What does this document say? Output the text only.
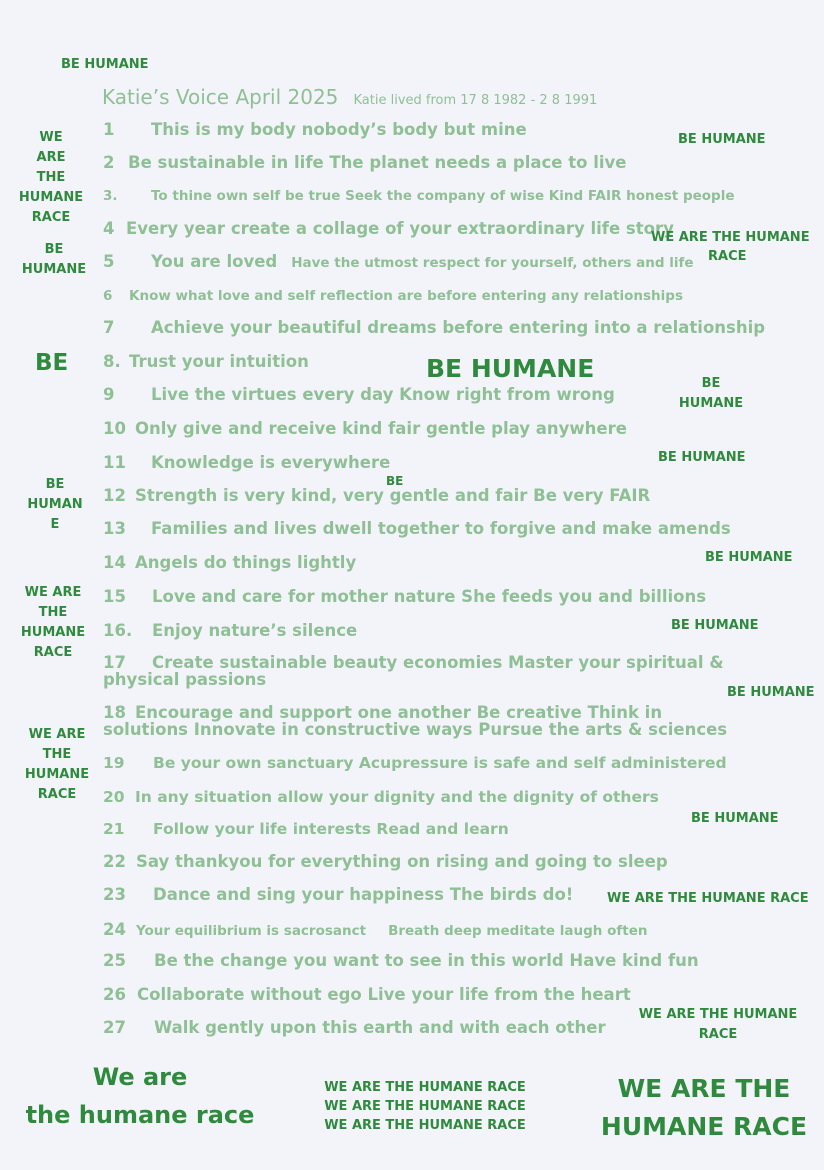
Katie’s Voice April 2025 Katie lived from 17 8 1982 - 2 8 1991
1 This is my body nobody’s body but mine
2 Be sustainable in life The planet needs a place to live
3. To thine own self be true Seek the company of wise Kind FAIR honest people
4 Every year create a collage of your extraordinary life story
5 You are loved Have the utmost respect for yourself, others and life
6 Know what love and self reflection are before entering any relationships
7 Achieve your beautiful dreams before entering into a relationship
8. Trust your intuition
9 Live the virtues every day Know right from wrong
10 Only give and receive kind fair gentle play anywhere
11 Knowledge is everywhere
12 Strength is very kind, very gentle and fair Be very FAIR
13 Families and lives dwell together to forgive and make amends
14 Angels do things lightly
15 Love and care for mother nature She feeds you and billions
16. Enjoy nature’s silence
17 Create sustainable beauty economies Master your spiritual &
physical passions
18 Encourage and support one another Be creative Think in
solutions Innovate in constructive ways Pursue the arts & sciences
19 Be your own sanctuary Acupressure is safe and self administered
20 In any situation allow your dignity and the dignity of others
21 Follow your life interests Read and learn
22 Say thankyou for everything on rising and going to sleep
23 Dance and sing your happiness The birds do!
24 Your equilibrium is sacrosanct Breath deep meditate laugh often
25 Be the change you want to see in this world Have kind fun
26 Collaborate without ego Live your life from the heart
27 Walk gently upon this earth and with each other
BE HUMANE
WE
ARE
THE
HUMANE
RACE
BE
HUMANE
BE
BE
HUMAN
E
WE ARE
THE
HUMANE
RACE
WE ARE
THE
HUMANE
RACE
BE HUMANE
WE ARE THE HUMANE
RACE
BE HUMANE
BE
HUMANE
BE HUMANE
BE
BE HUMANE
BE HUMANE
BE HUMANE
BE HUMANE
WE ARE THE HUMANE RACE
WE ARE THE HUMANE
RACE
We are
the humane race
WE ARE THE HUMANE RACE
WE ARE THE HUMANE RACE
WE ARE THE HUMANE RACE
WE ARE THE
HUMANE RACE
